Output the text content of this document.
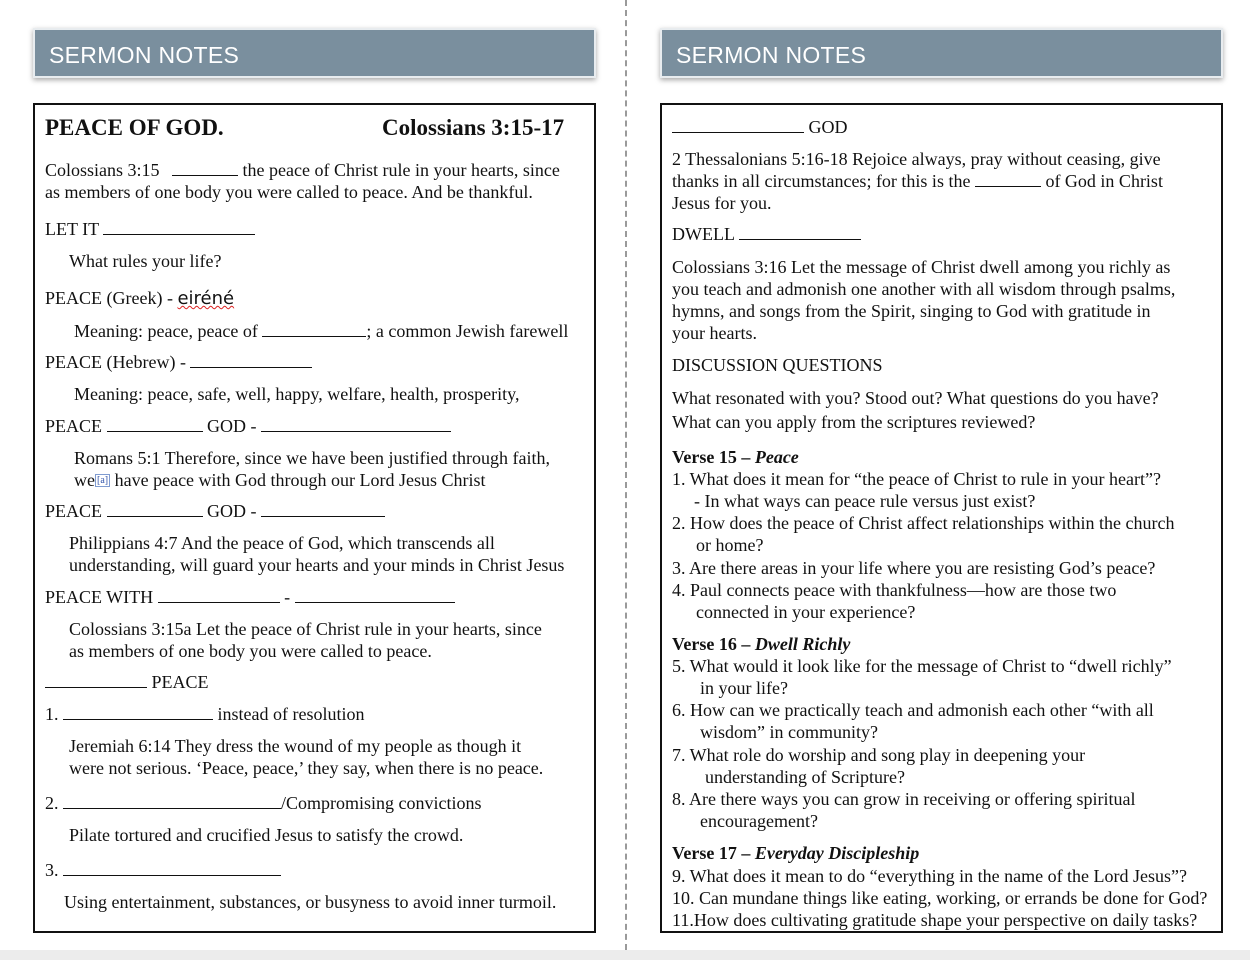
SERMON NOTES
PEACE OF GOD.	Colossians 3:15-17
Colossians 3:15	the peace of Christ rule in your hearts, since
as members of one body you were called to peace. And be thankful.
LET IT
What rules your life?
PEACE (Greek) - eiréné
Meaning: peace, peace of	; a common Jewish farewell
PEACE (Hebrew) -
Meaning: peace, safe, well, happy, welfare, health, prosperity,
PEACE	GOD -
Romans 5:1 Therefore, since we have been justified through faith,
we [a] have peace with God through our Lord Jesus Christ
PEACE	GOD -
Philippians 4:7 And the peace of God, which transcends all
understanding, will guard your hearts and your minds in Christ Jesus
PEACE WITH	-
Colossians 3:15a Let the peace of Christ rule in your hearts, since
as members of one body you were called to peace.
PEACE
1.	instead of resolution
Jeremiah 6:14 They dress the wound of my people as though it
were not serious. ‘Peace, peace,’ they say, when there is no peace.
2.	/Compromising convictions
Pilate tortured and crucified Jesus to satisfy the crowd.
3.
Using entertainment, substances, or busyness to avoid inner turmoil.
SERMON NOTES
GOD
2 Thessalonians 5:16-18 Rejoice always, pray without ceasing, give
thanks in all circumstances; for this is the	of God in Christ
Jesus for you.
DWELL
Colossians 3:16 Let the message of Christ dwell among you richly as
you teach and admonish one another with all wisdom through psalms,
hymns, and songs from the Spirit, singing to God with gratitude in
your hearts.
DISCUSSION QUESTIONS
What resonated with you? Stood out? What questions do you have?
What can you apply from the scriptures reviewed?
Verse 15 – Peace
1. What does it mean for “the peace of Christ to rule in your heart”?
- In what ways can peace rule versus just exist?
2. How does the peace of Christ affect relationships within the church
or home?
3. Are there areas in your life where you are resisting God’s peace?
4. Paul connects peace with thankfulness—how are those two
connected in your experience?
Verse 16 – Dwell Richly
5. What would it look like for the message of Christ to “dwell richly”
in your life?
6. How can we practically teach and admonish each other “with all
wisdom” in community?
7. What role do worship and song play in deepening your
understanding of Scripture?
8. Are there ways you can grow in receiving or offering spiritual
encouragement?
Verse 17 – Everyday Discipleship
9. What does it mean to do “everything in the name of the Lord Jesus”?
10. Can mundane things like eating, working, or errands be done for God?
11.How does cultivating gratitude shape your perspective on daily tasks?
